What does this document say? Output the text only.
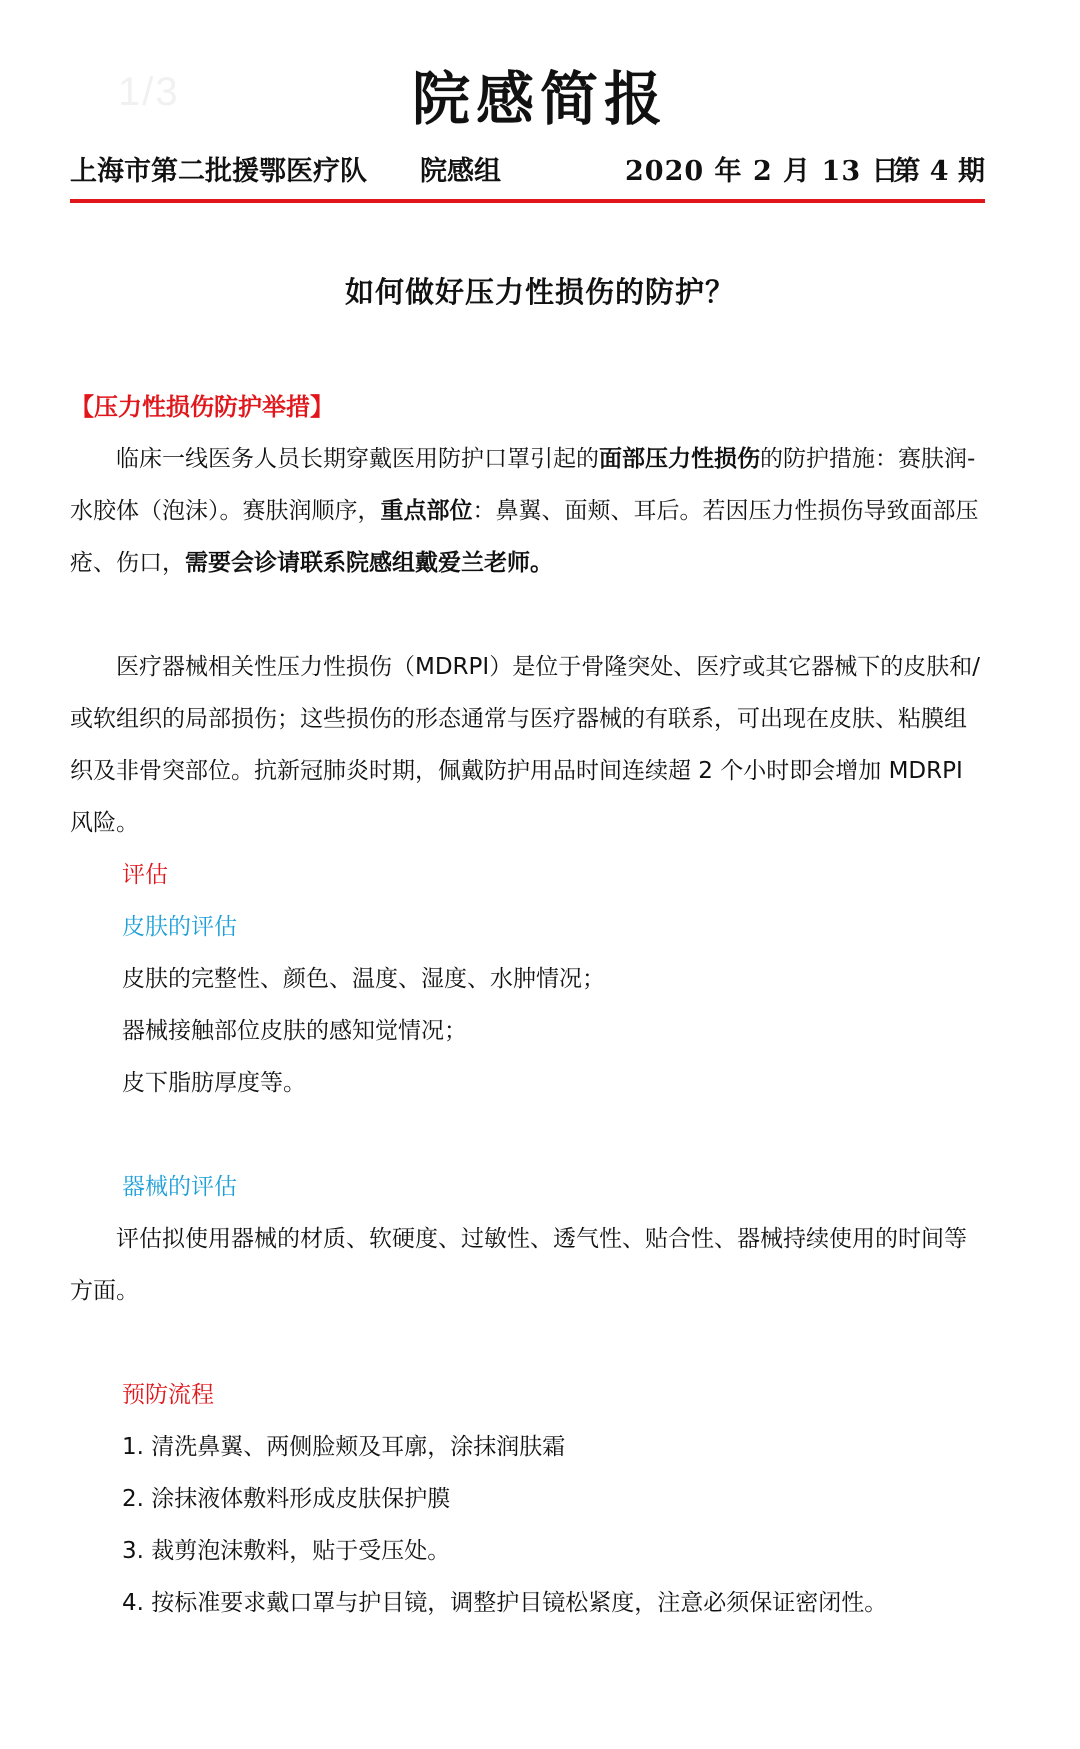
1/3	院感简报
上海市第二批援鄂医疗队 院感组	2020 年 2 月 13 日
第 4 期
如何做好压力性损伤的防护？

【压力性损伤防护举措】

临床一线医务人员长期穿戴医用防护口罩引起的面部压力性损伤的防护措施：赛肤润-水胶体（泡沫）。赛肤润顺序，重点部位：鼻翼、面颊、耳后。若因压力性损伤导致面部压疮、伤口，需要会诊请联系院感组戴爱兰老师。

医疗器械相关性压力性损伤（MDRPI）是位于骨隆突处、医疗或其它器械下的皮肤和/或软组织的局部损伤；这些损伤的形态通常与医疗器械的有联系，可出现在皮肤、粘膜组织及非骨突部位。抗新冠肺炎时期，佩戴防护用品时间连续超 2 个小时即会增加 MDRPI 风险。

评估

皮肤的评估

皮肤的完整性、颜色、温度、湿度、水肿情况；

器械接触部位皮肤的感知觉情况；

皮下脂肪厚度等。

器械的评估

评估拟使用器械的材质、软硬度、过敏性、透气性、贴合性、器械持续使用的时间等方面。

预防流程

1. 清洗鼻翼、两侧脸颊及耳廓，涂抹润肤霜

2. 涂抹液体敷料形成皮肤保护膜

3. 裁剪泡沫敷料，贴于受压处。

4. 按标准要求戴口罩与护目镜，调整护目镜松紧度，注意必须保证密闭性。
